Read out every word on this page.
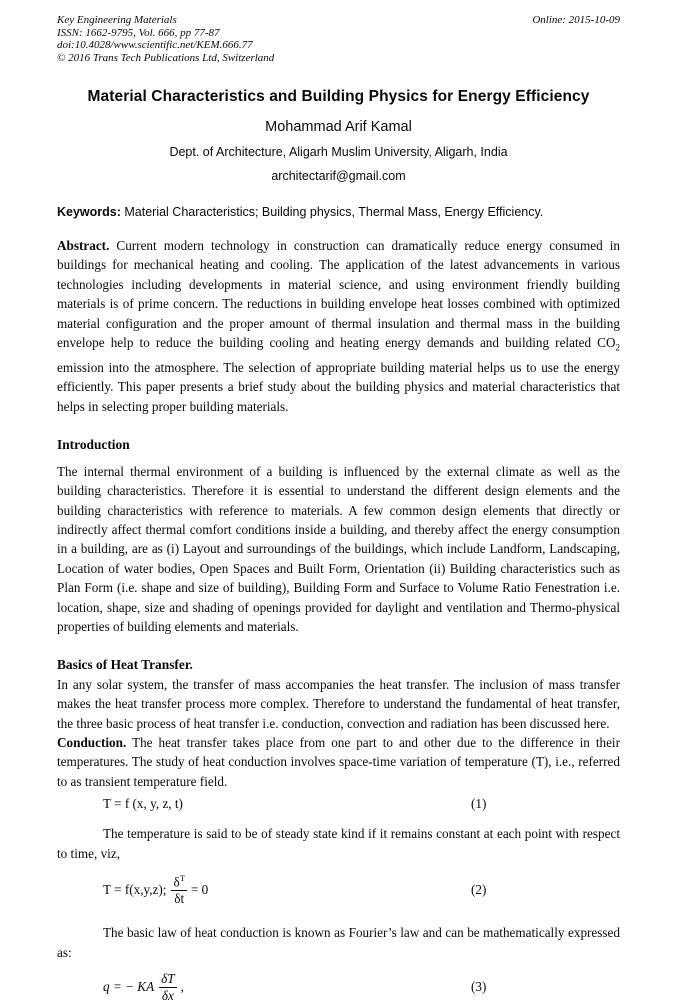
Key Engineering Materials
ISSN: 1662-9795, Vol. 666, pp 77-87
doi:10.4028/www.scientific.net/KEM.666.77
© 2016 Trans Tech Publications Ltd, Switzerland
Online: 2015-10-09
Material Characteristics and Building Physics for Energy Efficiency
Mohammad Arif Kamal
Dept. of Architecture, Aligarh Muslim University, Aligarh, India
architectarif@gmail.com

Keywords: Material Characteristics; Building physics, Thermal Mass, Energy Efficiency.

Abstract. Current modern technology in construction can dramatically reduce energy consumed in buildings for mechanical heating and cooling. The application of the latest advancements in various technologies including developments in material science, and using environment friendly building materials is of prime concern. The reductions in building envelope heat losses combined with optimized material configuration and the proper amount of thermal insulation and thermal mass in the building envelope help to reduce the building cooling and heating energy demands and building related $CO_2$ emission into the atmosphere. The selection of appropriate building material helps us to use the energy efficiently. This paper presents a brief study about the building physics and material characteristics that helps in selecting proper building materials.

Introduction

The internal thermal environment of a building is influenced by the external climate as well as the building characteristics. Therefore it is essential to understand the different design elements and the building characteristics with reference to materials. A few common design elements that directly or indirectly affect thermal comfort conditions inside a building, and thereby affect the energy consumption in a building, are as (i) Layout and surroundings of the buildings, which include Landform, Landscaping, Location of water bodies, Open Spaces and Built Form, Orientation (ii) Building characteristics such as Plan Form (i.e. shape and size of building), Building Form and Surface to Volume Ratio Fenestration i.e. location, shape, size and shading of openings provided for daylight and ventilation and Thermo-physical properties of building elements and materials.

Basics of Heat Transfer.

In any solar system, the transfer of mass accompanies the heat transfer. The inclusion of mass transfer makes the heat transfer process more complex. Therefore to understand the fundamental of heat transfer, the three basic process of heat transfer i.e. conduction, convection and radiation has been discussed here.

Conduction. The heat transfer takes place from one part to and other due to the difference in their temperatures. The study of heat conduction involves space-time variation of temperature (T), i.e., referred to as transient temperature field.

T = f (x, y, z, t)	(1)

The temperature is said to be of steady state kind if it remains constant at each point with respect to time, viz,

T = f(x,y,z); $\frac{\delta^T}{\delta t} = 0$	(2)

The basic law of heat conduction is known as Fourier’s law and can be mathematically expressed as:

q = − KA $\frac{\delta T}{\delta x}$ ,	(3)
